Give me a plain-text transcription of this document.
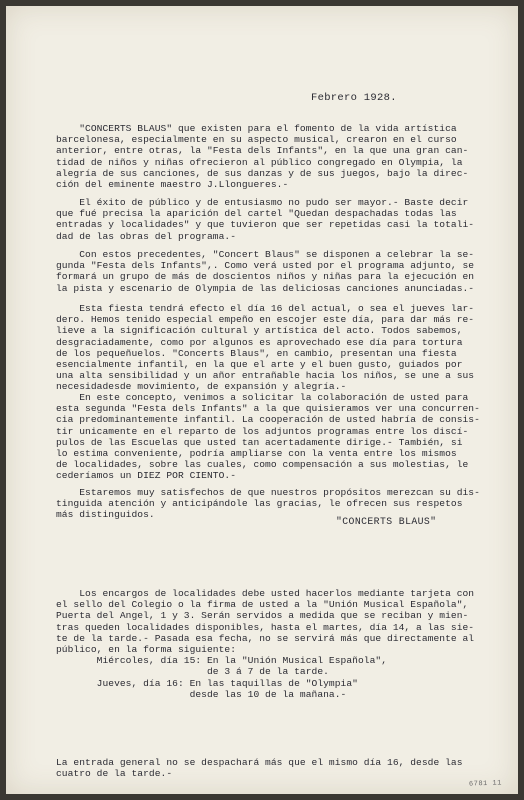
Febrero 1928.

"CONCERTS BLAUS" que existen para el fomento de la vida artística
barcelonesa, especialmente en su aspecto musical, crearon en el curso
anterior, entre otras, la "Festa dels Infants", en la que una gran can-
tidad de niños y niñas ofrecieron al público congregado en Olympia, la
alegría de sus canciones, de sus danzas y de sus juegos, bajo la direc-
ción del eminente maestro J.Llongueres.-

El éxito de público y de entusiasmo no pudo ser mayor.- Baste decir
que fué precisa la aparición del cartel "Quedan despachadas todas las
entradas y localidades" y que tuvieron que ser repetidas casi la totali-
dad de las obras del programa.-

Con estos precedentes, "Concert Blaus" se disponen a celebrar la se-
gunda "Festa dels Infants",. Como verá usted por el programa adjunto, se
formará un grupo de más de doscientos niños y niñas para la ejecución en
la pista y escenario de Olympia de las deliciosas canciones anunciadas.-

Esta fiesta tendrá efecto el día 16 del actual, o sea el jueves lar-
dero. Hemos tenido especial empeño en escojer este día, para dar más re-
lieve a la significación cultural y artística del acto. Todos sabemos,
desgraciadamente, como por algunos es aprovechado ese día para tortura
de los pequeñuelos. "Concerts Blaus", en cambio, presentan una fiesta
esencialmente infantil, en la que el arte y el buen gusto, guiados por
una alta sensibilidad y un añor entrañable hacia los niños, se une a sus
necesidadesde movimiento, de expansión y alegría.-

En este concepto, venimos a solicitar la colaboración de usted para
esta segunda "Festa dels Infants" a la que quisieramos ver una concurren-
cia predominantemente infantil. La cooperación de usted habría de consis-
tir unicamente en el reparto de los adjuntos programas entre los discí-
pulos de las Escuelas que usted tan acertadamente dirige.- También, si
lo estima conveniente, podría ampliarse con la venta entre los mismos
de localidades, sobre las cuales, como compensación a sus molestias, le
cederíamos un DIEZ POR CIENTO.-

Estaremos muy satisfechos de que nuestros propósitos merezcan su dis-
tinguida atención y anticipándole las gracias, le ofrecen sus respetos
más distinguidos.

"CONCERTS BLAUS"

Los encargos de localidades debe usted hacerlos mediante tarjeta con
el sello del Colegio o la firma de usted a la "Unión Musical Española",
Puerta del Angel, 1 y 3. Serán servidos a medida que se reciban y mien-
tras queden localidades disponibles, hasta el martes, día 14, a las sie-
te de la tarde.- Pasada esa fecha, no se servirá más que directamente al
público, en la forma siguiente:
Miércoles, día 15: En la "Unión Musical Española",
de 3 á 7 de la tarde.
Jueves, día 16: En las taquillas de "Olympia"
desde las 10 de la mañana.-

La entrada general no se despachará más que el mismo día 16, desde las
cuatro de la tarde.-

6781 11
